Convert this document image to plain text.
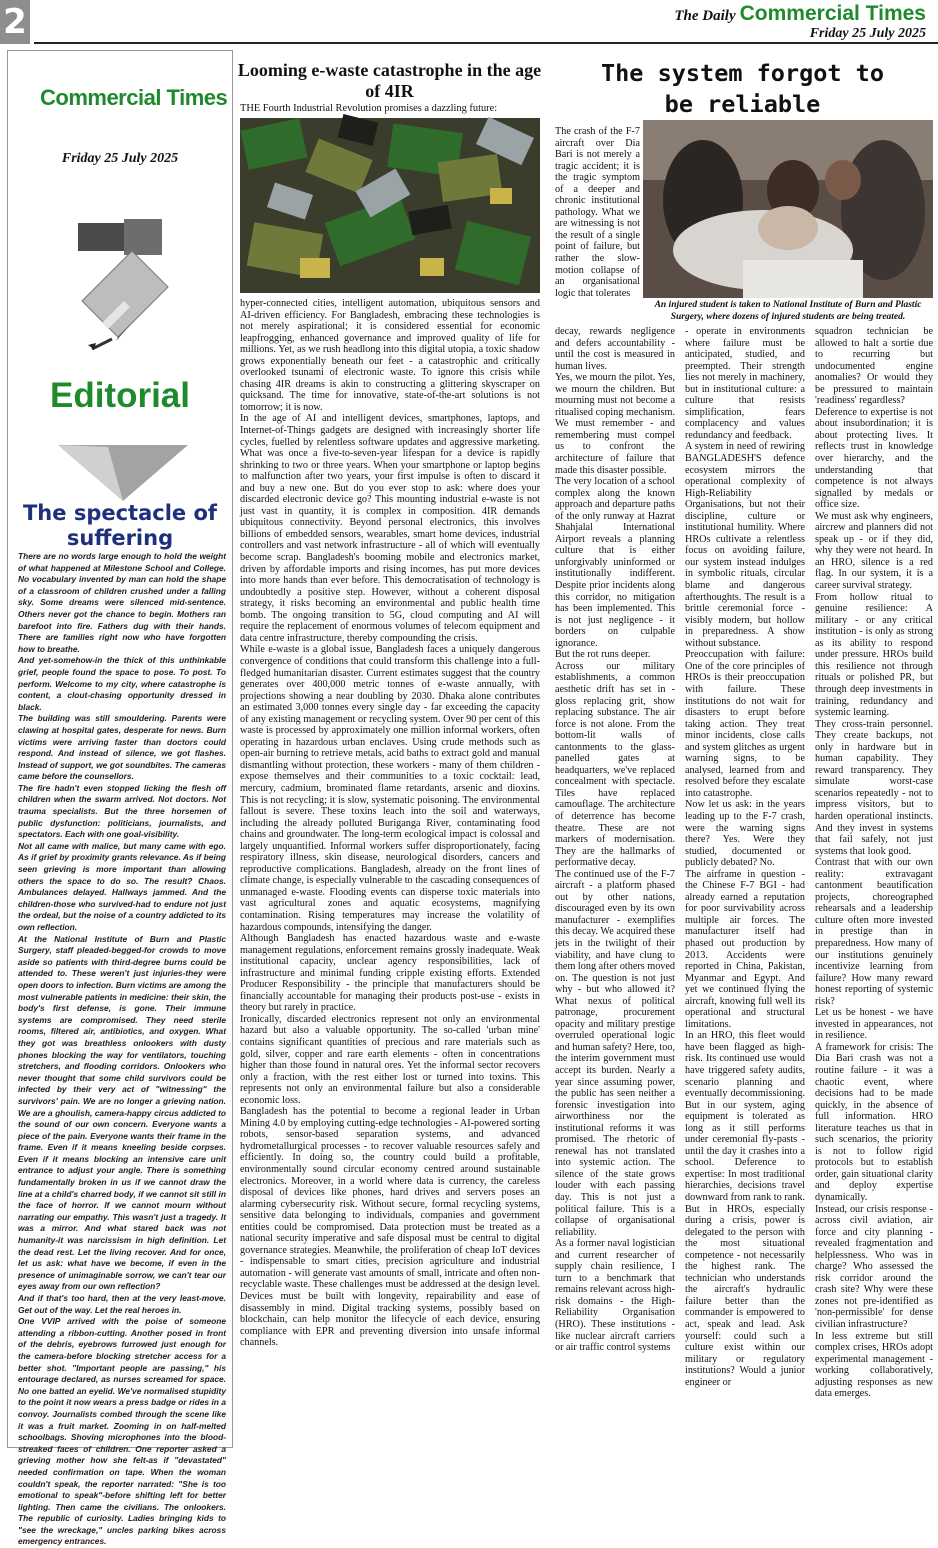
2	The Daily Commercial Times
Friday 25 July 2025
Commercial Times
Friday 25 July 2025
Editorial
The spectacle of suffering

There are no words large enough to hold the weight of what happened at Milestone School and College. No vocabulary invented by man can hold the shape of a classroom of children crushed under a falling sky. Some dreams were silenced mid-sentence. Others never got the chance to begin. Mothers ran barefoot into fire. Fathers dug with their hands. There are families right now who have forgotten how to breathe.

And yet-somehow-in the thick of this unthinkable grief, people found the space to pose. To post. To perform. Welcome to my city, where catastrophe is content, a clout-chasing opportunity dressed in black.

The building was still smouldering. Parents were clawing at hospital gates, desperate for news. Burn victims were arriving faster than doctors could respond. And instead of silence, we got flashes. Instead of support, we got soundbites. The cameras came before the counsellors.

The fire hadn't even stopped licking the flesh off children when the swarm arrived. Not doctors. Not trauma specialists. But the three horsemen of public dysfunction: politicians, journalists, and spectators. Each with one goal-visibility.

Not all came with malice, but many came with ego. As if grief by proximity grants relevance. As if being seen grieving is more important than allowing others the space to do so. The result? Chaos. Ambulances delayed. Hallways jammed. And the children-those who survived-had to endure not just the ordeal, but the noise of a country addicted to its own reflection.

At the National Institute of Burn and Plastic Surgery, staff pleaded-begged-for crowds to move aside so patients with third-degree burns could be attended to. These weren't just injuries-they were open doors to infection. Burn victims are among the most vulnerable patients in medicine: their skin, the body's first defense, is gone. Their immune systems are compromised. They need sterile rooms, filtered air, antibiotics, and oxygen. What they got was breathless onlookers with dusty phones blocking the way for ventilators, touching stretchers, and flooding corridors. Onlookers who never thought that some child survivors could be infected by their very act of "witnessing" the survivors' pain. We are no longer a grieving nation. We are a ghoulish, camera-happy circus addicted to the sound of our own concern. Everyone wants a piece of the pain. Everyone wants their frame in the frame. Even if it means kneeling beside corpses. Even if it means blocking an intensive care unit entrance to adjust your angle. There is something fundamentally broken in us if we cannot draw the line at a child's charred body, if we cannot sit still in the face of horror. If we cannot mourn without narrating our empathy. This wasn't just a tragedy. It was a mirror. And what stared back was not humanity-it was narcissism in high definition. Let the dead rest. Let the living recover. And for once, let us ask: what have we become, if even in the presence of unimaginable sorrow, we can't tear our eyes away from our own reflection?

And if that's too hard, then at the very least-move. Get out of the way. Let the real heroes in.

One VVIP arrived with the poise of someone attending a ribbon-cutting. Another posed in front of the debris, eyebrows furrowed just enough for the camera-before blocking stretcher access for a better shot. "Important people are passing," his entourage declared, as nurses screamed for space. No one batted an eyelid. We've normalised stupidity to the point it now wears a press badge or rides in a convoy. Journalists combed through the scene like it was a fruit market. Zooming in on half-melted schoolbags. Shoving microphones into the blood-streaked faces of children. One reporter asked a grieving mother how she felt-as if "devastated" needed confirmation on tape. When the woman couldn't speak, the reporter narrated: "She is too emotional to speak"-before shifting left for better lighting. Then came the civilians. The onlookers. The republic of curiosity. Ladies bringing kids to "see the wreckage," uncles parking bikes across emergency entrances.

Looming e-waste catastrophe in the age of 4IR
THE Fourth Industrial Revolution promises a dazzling future:

hyper-connected cities, intelligent automation, ubiquitous sensors and AI-driven efficiency. For Bangladesh, embracing these technologies is not merely aspirational; it is considered essential for economic leapfrogging, enhanced governance and improved quality of life for millions. Yet, as we rush headlong into this digital utopia, a toxic shadow grows exponentially beneath our feet - a catastrophic and critically overlooked tsunami of electronic waste. To ignore this crisis while chasing 4IR dreams is akin to constructing a glittering skyscraper on quicksand. The time for innovative, state-of-the-art solutions is not tomorrow; it is now.

In the age of AI and intelligent devices, smartphones, laptops, and Internet-of-Things gadgets are designed with increasingly shorter life cycles, fuelled by relentless software updates and aggressive marketing. What was once a five-to-seven-year lifespan for a device is rapidly shrinking to two or three years. When your smartphone or laptop begins to malfunction after two years, your first impulse is often to discard it and buy a new one. But do you ever stop to ask: where does your discarded electronic device go? This mounting industrial e-waste is not just vast in quantity, it is complex in composition. 4IR demands ubiquitous connectivity. Beyond personal electronics, this involves billions of embedded sensors, wearables, smart home devices, industrial controllers and vast network infrastructure - all of which will eventually become scrap. Bangladesh's booming mobile and electronics market, driven by affordable imports and rising incomes, has put more devices into more hands than ever before. This democratisation of technology is undoubtedly a positive step. However, without a coherent disposal strategy, it risks becoming an environmental and public health time bomb. The ongoing transition to 5G, cloud computing and AI will require the replacement of enormous volumes of telecom equipment and data centre infrastructure, thereby compounding the crisis.

While e-waste is a global issue, Bangladesh faces a uniquely dangerous convergence of conditions that could transform this challenge into a full-fledged humanitarian disaster. Current estimates suggest that the country generates over 400,000 metric tonnes of e-waste annually, with projections showing a near doubling by 2030. Dhaka alone contributes an estimated 3,000 tonnes every single day - far exceeding the capacity of any existing management or recycling system. Over 90 per cent of this waste is processed by approximately one million informal workers, often operating in hazardous urban enclaves. Using crude methods such as open-air burning to retrieve metals, acid baths to extract gold and manual dismantling without protection, these workers - many of them children - expose themselves and their communities to a toxic cocktail: lead, mercury, cadmium, brominated flame retardants, arsenic and dioxins. This is not recycling; it is slow, systematic poisoning. The environmental fallout is severe. These toxins leach into the soil and waterways, including the already polluted Buriganga River, contaminating food chains and groundwater. The long-term ecological impact is colossal and largely unquantified. Informal workers suffer disproportionately, facing respiratory illness, skin disease, neurological disorders, cancers and reproductive complications. Bangladesh, already on the front lines of climate change, is especially vulnerable to the cascading consequences of unmanaged e-waste. Flooding events can disperse toxic materials into vast agricultural zones and aquatic ecosystems, magnifying contamination. Rising temperatures may increase the volatility of hazardous compounds, intensifying the danger.

Although Bangladesh has enacted hazardous waste and e-waste management regulations, enforcement remains grossly inadequate. Weak institutional capacity, unclear agency responsibilities, lack of infrastructure and minimal funding cripple existing efforts. Extended Producer Responsibility - the principle that manufacturers should be financially accountable for managing their products post-use - exists in theory but rarely in practice.

Ironically, discarded electronics represent not only an environmental hazard but also a valuable opportunity. The so-called 'urban mine' contains significant quantities of precious and rare materials such as gold, silver, copper and rare earth elements - often in concentrations higher than those found in natural ores. Yet the informal sector recovers only a fraction, with the rest either lost or turned into toxins. This represents not only an environmental failure but also a considerable economic loss.

Bangladesh has the potential to become a regional leader in Urban Mining 4.0 by employing cutting-edge technologies - AI-powered sorting robots, sensor-based separation systems, and advanced hydrometallurgical processes - to recover valuable resources safely and efficiently. In doing so, the country could build a profitable, environmentally sound circular economy centred around sustainable electronics. Moreover, in a world where data is currency, the careless disposal of devices like phones, hard drives and servers poses an alarming cybersecurity risk. Without secure, formal recycling systems, sensitive data belonging to individuals, companies and government entities could be compromised. Data protection must be treated as a national security imperative and safe disposal must be central to digital governance strategies. Meanwhile, the proliferation of cheap IoT devices - indispensable to smart cities, precision agriculture and industrial automation - will generate vast amounts of small, intricate and often non-recyclable waste. These challenges must be addressed at the design level. Devices must be built with longevity, repairability and ease of disassembly in mind. Digital tracking systems, possibly based on blockchain, can help monitor the lifecycle of each device, ensuring compliance with EPR and preventing diversion into unsafe informal channels.

The system forgot to be reliable
An injured student is taken to National Institute of Burn and Plastic Surgery, where dozens of injured students are being treated.

The crash of the F-7 aircraft over Dia Bari is not merely a tragic accident; it is the tragic symptom of a deeper and chronic institutional pathology. What we are witnessing is not the result of a single point of failure, but rather the slow-motion collapse of an organisational logic that tolerates

decay, rewards negligence and defers accountability - until the cost is measured in human lives.

Yes, we mourn the pilot. Yes, we mourn the children. But mourning must not become a ritualised coping mechanism. We must remember - and remembering must compel us to confront the architecture of failure that made this disaster possible.

The very location of a school complex along the known approach and departure paths of the only runway at Hazrat Shahjalal International Airport reveals a planning culture that is either unforgivably uninformed or institutionally indifferent. Despite prior incidents along this corridor, no mitigation has been implemented. This is not just negligence - it borders on culpable ignorance.

But the rot runs deeper.

Across our military establishments, a common aesthetic drift has set in - gloss replacing grit, show replacing substance. The air force is not alone. From the bottom-lit walls of cantonments to the glass-panelled gates at headquarters, we've replaced concealment with spectacle. Tiles have replaced camouflage. The architecture of deterrence has become theatre. These are not markers of modernisation. They are the hallmarks of performative decay.

The continued use of the F-7 aircraft - a platform phased out by other nations, discouraged even by its own manufacturer - exemplifies this decay. We acquired these jets in the twilight of their viability, and have clung to them long after others moved on. The question is not just why - but who allowed it? What nexus of political patronage, procurement opacity and military prestige overruled operational logic and human safety? Here, too, the interim government must accept its burden. Nearly a year since assuming power, the public has seen neither a forensic investigation into airworthiness nor the institutional reforms it was promised. The rhetoric of renewal has not translated into systemic action. The silence of the state grows louder with each passing day. This is not just a political failure. This is a collapse of organisational reliability.

As a former naval logistician and current researcher of supply chain resilience, I turn to a benchmark that remains relevant across high-risk domains - the High-Reliability Organisation (HRO). These institutions - like nuclear aircraft carriers or air traffic control systems

- operate in environments where failure must be anticipated, studied, and preempted. Their strength lies not merely in machinery, but in institutional culture: a culture that resists simplification, fears complacency and values redundancy and feedback.

A system in need of rewiring BANGLADESH'S defence ecosystem mirrors the operational complexity of High-Reliability Organisations, but not their discipline, culture or institutional humility. Where HROs cultivate a relentless focus on avoiding failure, our system instead indulges in symbolic rituals, circular blame and dangerous afterthoughts. The result is a brittle ceremonial force - visibly modern, but hollow in preparedness. A show without substance.

Preoccupation with failure: One of the core principles of HROs is their preoccupation with failure. These institutions do not wait for disasters to erupt before taking action. They treat minor incidents, close calls and system glitches as urgent warning signs, to be analysed, learned from and resolved before they escalate into catastrophe.

Now let us ask: in the years leading up to the F-7 crash, were the warning signs there? Yes. Were they studied, documented or publicly debated? No.

The airframe in question - the Chinese F-7 BGI - had already earned a reputation for poor survivability across multiple air forces. The manufacturer itself had phased out production by 2013. Accidents were reported in China, Pakistan, Myanmar and Egypt. And yet we continued flying the aircraft, knowing full well its operational and structural limitations.

In an HRO, this fleet would have been flagged as high-risk. Its continued use would have triggered safety audits, scenario planning and eventually decommissioning. But in our system, aging equipment is tolerated as long as it still performs under ceremonial fly-pasts - until the day it crashes into a school. Deference to expertise: In most traditional hierarchies, decisions travel downward from rank to rank. But in HROs, especially during a crisis, power is delegated to the person with the most situational competence - not necessarily the highest rank. The technician who understands the aircraft's hydraulic failure better than the commander is empowered to act, speak and lead. Ask yourself: could such a culture exist within our military or regulatory institutions? Would a junior engineer or

squadron technician be allowed to halt a sortie due to recurring but undocumented engine anomalies? Or would they be pressured to maintain 'readiness' regardless?

Deference to expertise is not about insubordination; it is about protecting lives. It reflects trust in knowledge over hierarchy, and the understanding that competence is not always signalled by medals or office size.

We must ask why engineers, aircrew and planners did not speak up - or if they did, why they were not heard. In an HRO, silence is a red flag. In our system, it is a career survival strategy.

From hollow ritual to genuine resilience: A military - or any critical institution - is only as strong as its ability to respond under pressure. HROs build this resilience not through rituals or polished PR, but through deep investments in training, redundancy and systemic learning.

They cross-train personnel. They create backups, not only in hardware but in human capability. They reward transparency. They simulate worst-case scenarios repeatedly - not to impress visitors, but to harden operational instincts. And they invest in systems that fail safely, not just systems that look good.

Contrast that with our own reality: extravagant cantonment beautification projects, choreographed rehearsals and a leadership culture often more invested in prestige than in preparedness. How many of our institutions genuinely incentivize learning from failure? How many reward honest reporting of systemic risk?

Let us be honest - we have invested in appearances, not in resilience.

A framework for crisis: The Dia Bari crash was not a routine failure - it was a chaotic event, where decisions had to be made quickly, in the absence of full information. HRO literature teaches us that in such scenarios, the priority is not to follow rigid protocols but to establish order, gain situational clarity and deploy expertise dynamically.

Instead, our crisis response - across civil aviation, air force and city planning - revealed fragmentation and helplessness. Who was in charge? Who assessed the risk corridor around the crash site? Why were these zones not pre-identified as 'non-permissible' for dense civilian infrastructure?

In less extreme but still complex crises, HROs adopt experimental management - working collaboratively, adjusting responses as new data emerges.
